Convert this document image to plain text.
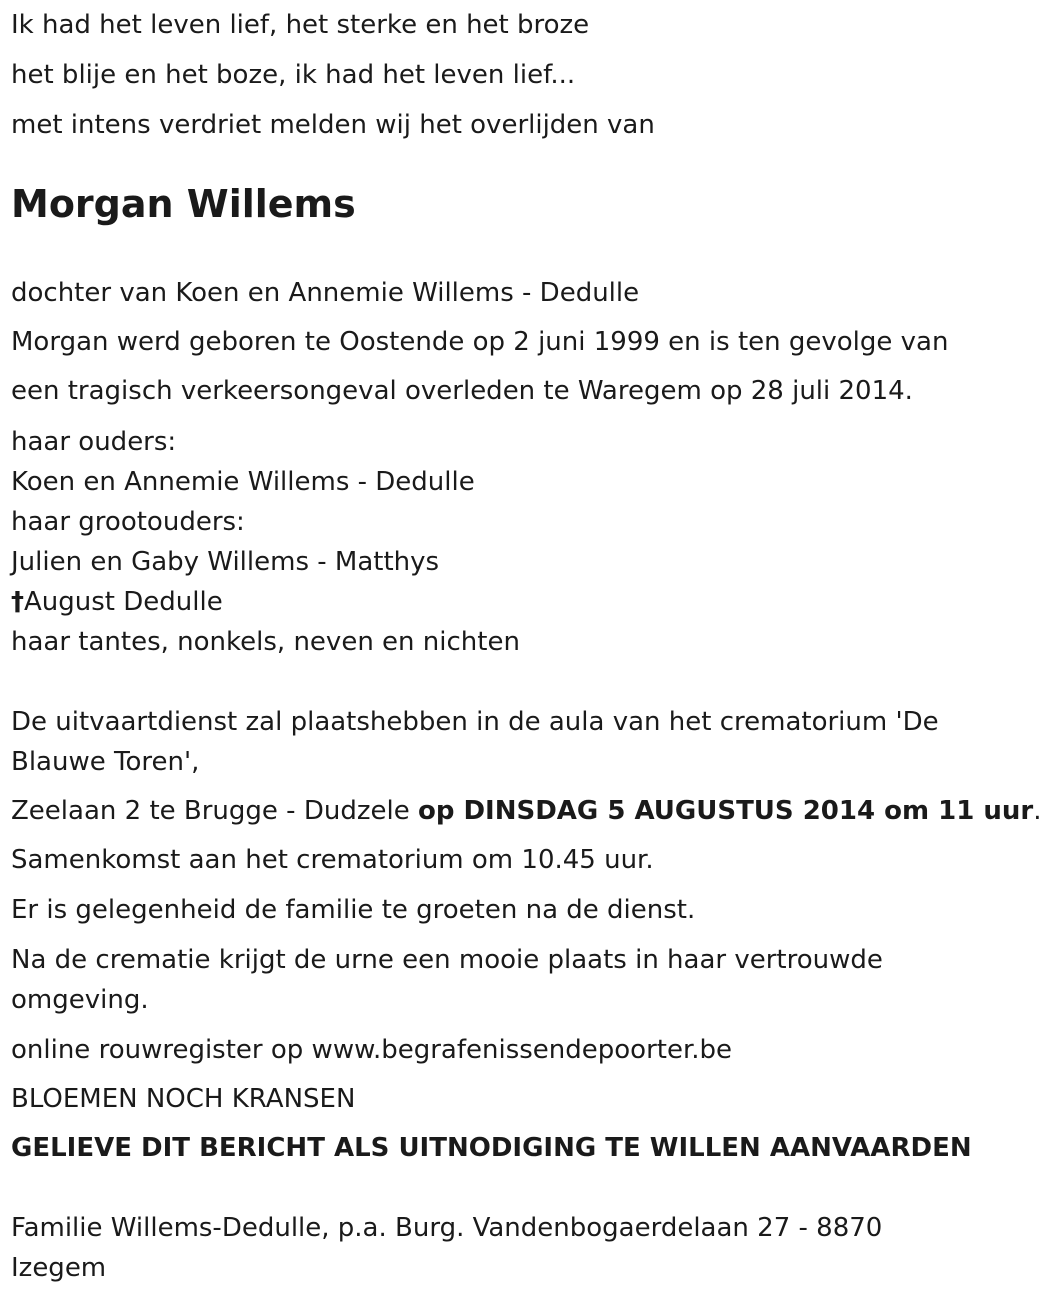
Ik had het leven lief, het sterke en het broze
het blije en het boze, ik had het leven lief...
met intens verdriet melden wij het overlijden van
Morgan Willems
dochter van Koen en Annemie Willems - Dedulle
Morgan werd geboren te Oostende op 2 juni 1999 en is ten gevolge van
een tragisch verkeersongeval overleden te Waregem op 28 juli 2014.
haar ouders:
Koen en Annemie Willems - Dedulle
haar grootouders:
Julien en Gaby Willems - Matthys
†August Dedulle
haar tantes, nonkels, neven en nichten
De uitvaartdienst zal plaatshebben in de aula van het crematorium 'De
Blauwe Toren',
Zeelaan 2 te Brugge - Dudzele op DINSDAG 5 AUGUSTUS 2014 om 11 uur.
Samenkomst aan het crematorium om 10.45 uur.
Er is gelegenheid de familie te groeten na de dienst.
Na de crematie krijgt de urne een mooie plaats in haar vertrouwde
omgeving.
online rouwregister op www.begrafenissendepoorter.be
BLOEMEN NOCH KRANSEN
GELIEVE DIT BERICHT ALS UITNODIGING TE WILLEN AANVAARDEN
Familie Willems-Dedulle, p.a. Burg. Vandenbogaerdelaan 27 - 8870
Izegem
